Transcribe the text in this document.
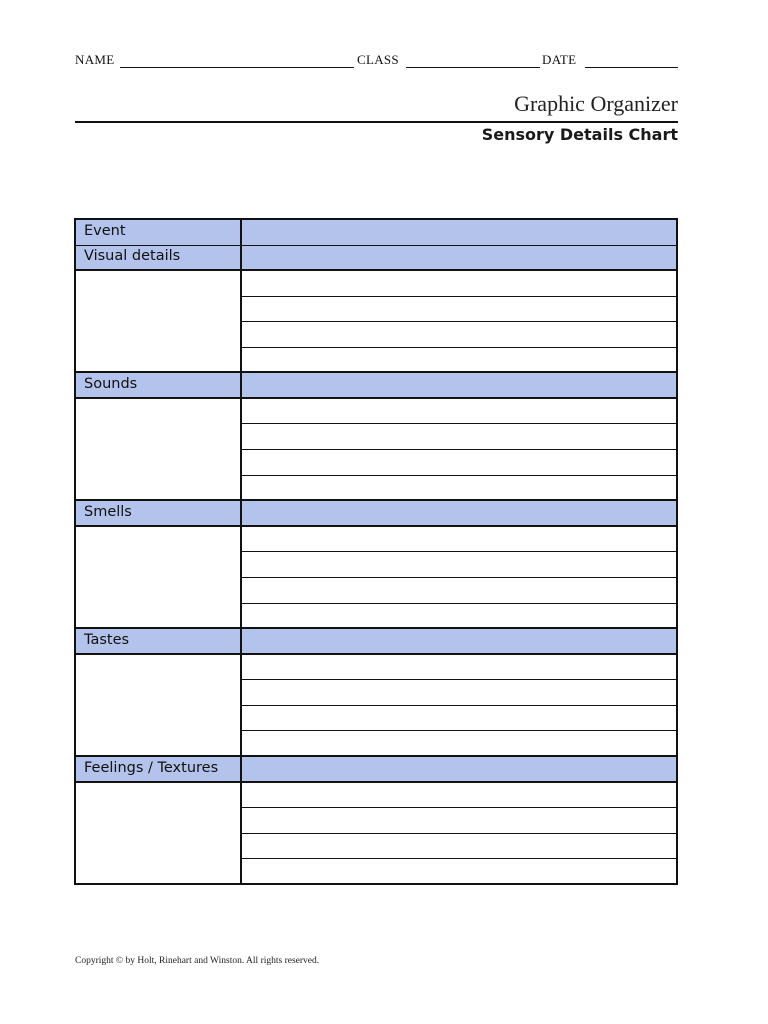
NAME	CLASS	DATE
Graphic Organizer
Sensory Details Chart
Feelings / Textures
Tastes
Smells
Sounds
Visual details
Event
Copyright © by Holt, Rinehart and Winston. All rights reserved.
